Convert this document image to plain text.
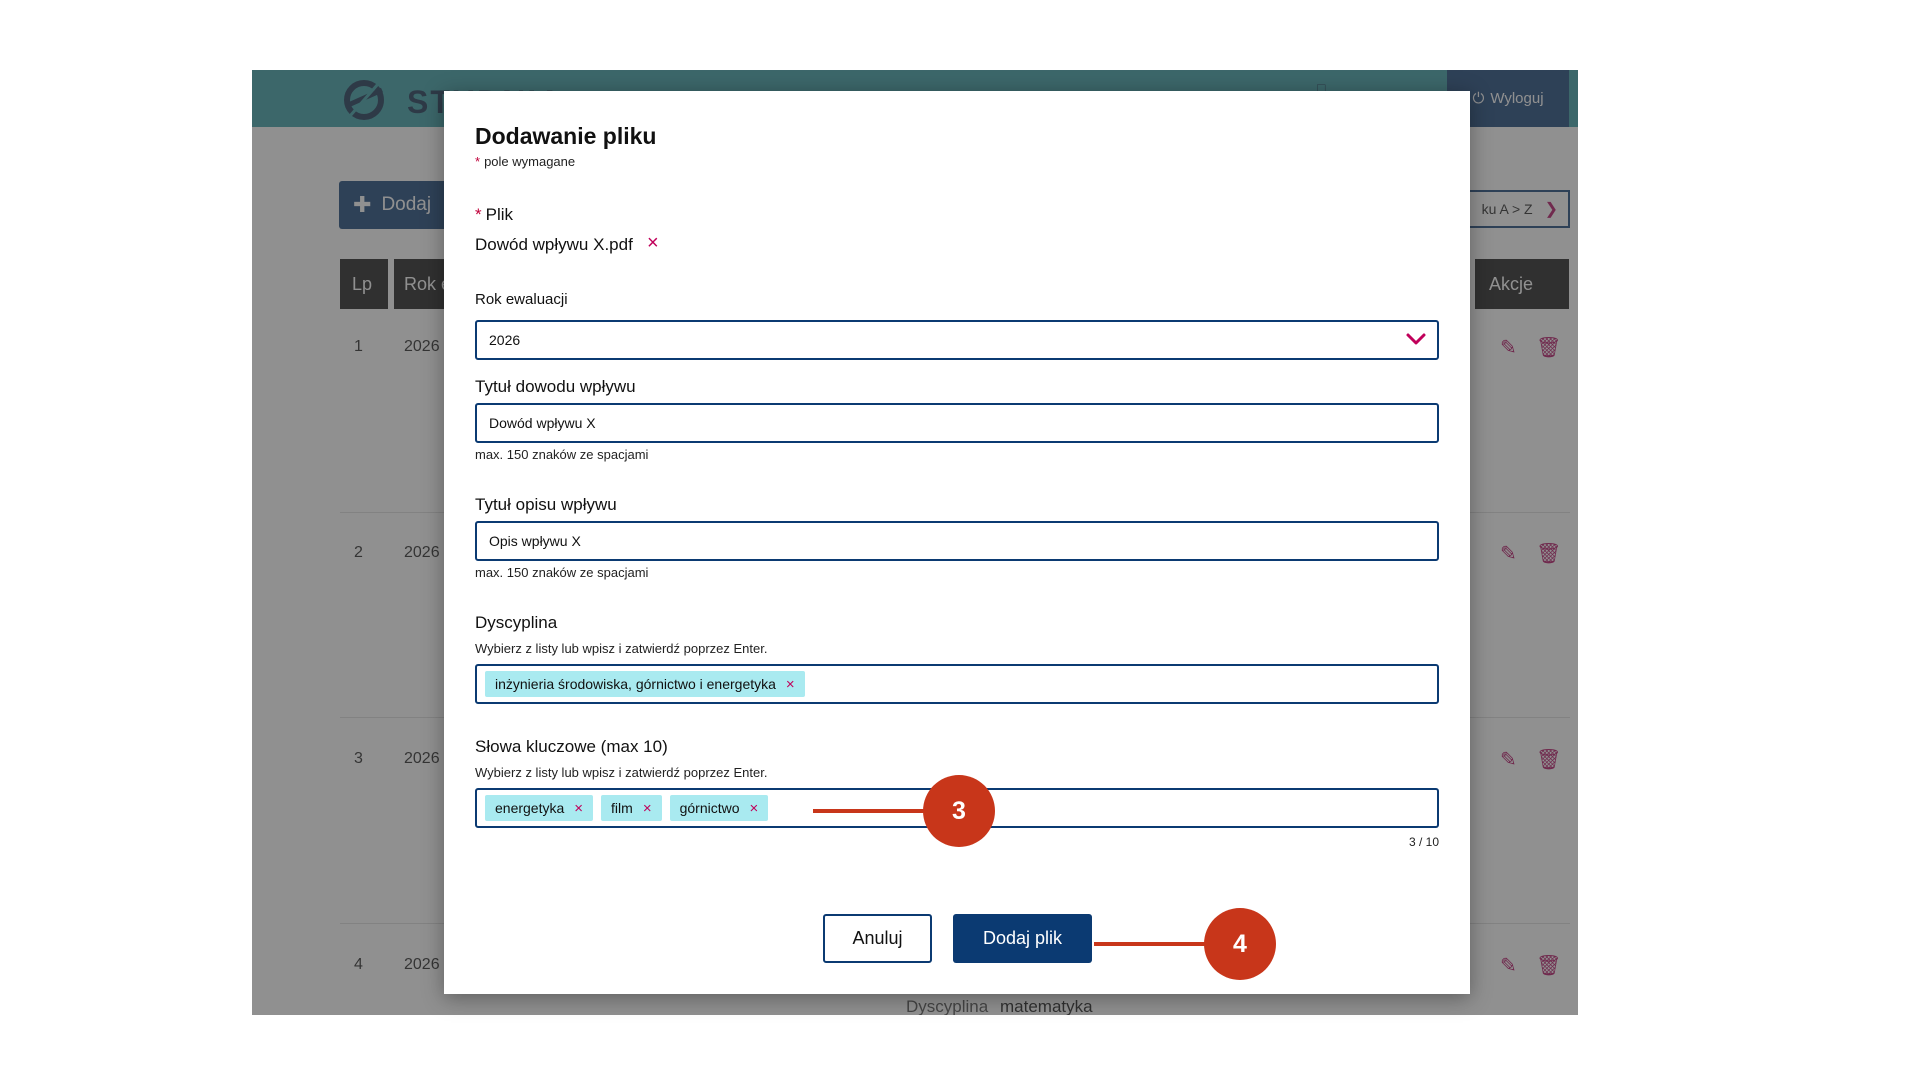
Dodawanie pliku
* pole wymagane
* Plik
Dowód wpływu X.pdf ×
Rok ewaluacji
2026
Tytuł dowodu wpływu
Dowód wpływu X
max. 150 znaków ze spacjami
Tytuł opisu wpływu
Opis wpływu X
max. 150 znaków ze spacjami
Dyscyplina
Wybierz z listy lub wpisz i zatwierdź poprzez Enter.
inżynieria środowiska, górnictwo i energetyka ×
Słowa kluczowe (max 10)
Wybierz z listy lub wpisz i zatwierdź poprzez Enter.
energetyka × film × górnictwo ×
3 / 10
Anuluj	Dodaj plik
3
4
